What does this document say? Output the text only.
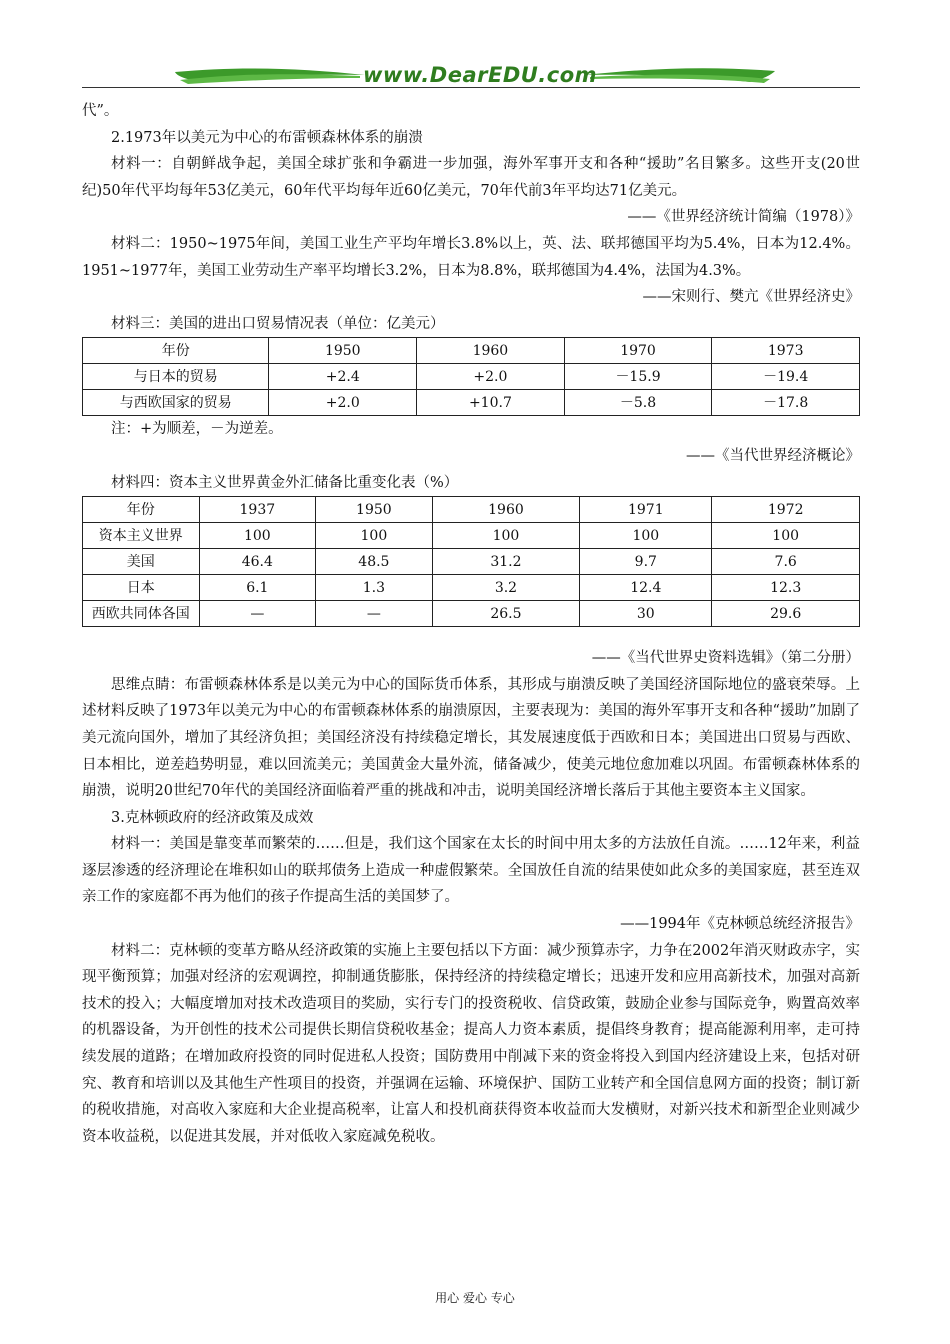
www.DearEDU.com

代”。

2.1973年以美元为中心的布雷顿森林体系的崩溃

材料一：自朝鲜战争起，美国全球扩张和争霸进一步加强，海外军事开支和各种“援助”名目繁多。这些开支(20世纪)50年代平均每年53亿美元，60年代平均每年近60亿美元，70年代前3年平均达71亿美元。

——《世界经济统计简编（1978）》

材料二：1950~1975年间，美国工业生产平均年增长3.8%以上，英、法、联邦德国平均为5.4%，日本为12.4%。1951~1977年，美国工业劳动生产率平均增长3.2%，日本为8.8%，联邦德国为4.4%，法国为4.3%。

——宋则行、樊亢《世界经济史》

材料三：美国的进出口贸易情况表（单位：亿美元）

年份	1950	1960	1970	1973
与日本的贸易	+2.4	+2.0	－15.9	－19.4
与西欧国家的贸易	+2.0	+10.7	－5.8	－17.8

注：+为顺差，－为逆差。

——《当代世界经济概论》

材料四：资本主义世界黄金外汇储备比重变化表（%）

年份	1937	1950	1960	1971	1972
资本主义世界	100	100	100	100	100
美国	46.4	48.5	31.2	9.7	7.6
日本	6.1	1.3	3.2	12.4	12.3
西欧共同体各国	—	—	26.5	30	29.6

——《当代世界史资料选辑》（第二分册）

思维点睛：布雷顿森林体系是以美元为中心的国际货币体系，其形成与崩溃反映了美国经济国际地位的盛衰荣辱。上述材料反映了1973年以美元为中心的布雷顿森林体系的崩溃原因，主要表现为：美国的海外军事开支和各种“援助”加剧了美元流向国外，增加了其经济负担；美国经济没有持续稳定增长，其发展速度低于西欧和日本；美国进出口贸易与西欧、日本相比，逆差趋势明显，难以回流美元；美国黄金大量外流，储备减少，使美元地位愈加难以巩固。布雷顿森林体系的崩溃，说明20世纪70年代的美国经济面临着严重的挑战和冲击，说明美国经济增长落后于其他主要资本主义国家。

3.克林顿政府的经济政策及成效

材料一：美国是靠变革而繁荣的……但是，我们这个国家在太长的时间中用太多的方法放任自流。……12年来，利益逐层渗透的经济理论在堆积如山的联邦债务上造成一种虚假繁荣。全国放任自流的结果使如此众多的美国家庭，甚至连双亲工作的家庭都不再为他们的孩子作提高生活的美国梦了。

——1994年《克林顿总统经济报告》

材料二：克林顿的变革方略从经济政策的实施上主要包括以下方面：减少预算赤字，力争在2002年消灭财政赤字，实现平衡预算；加强对经济的宏观调控，抑制通货膨胀，保持经济的持续稳定增长；迅速开发和应用高新技术，加强对高新技术的投入；大幅度增加对技术改造项目的奖励，实行专门的投资税收、信贷政策，鼓励企业参与国际竞争，购置高效率的机器设备，为开创性的技术公司提供长期信贷税收基金；提高人力资本素质，提倡终身教育；提高能源利用率，走可持续发展的道路；在增加政府投资的同时促进私人投资；国防费用中削减下来的资金将投入到国内经济建设上来，包括对研究、教育和培训以及其他生产性项目的投资，并强调在运输、环境保护、国防工业转产和全国信息网方面的投资；制订新的税收措施，对高收入家庭和大企业提高税率，让富人和投机商获得资本收益而大发横财，对新兴技术和新型企业则减少资本收益税，以促进其发展，并对低收入家庭减免税收。

用心 爱心 专心
